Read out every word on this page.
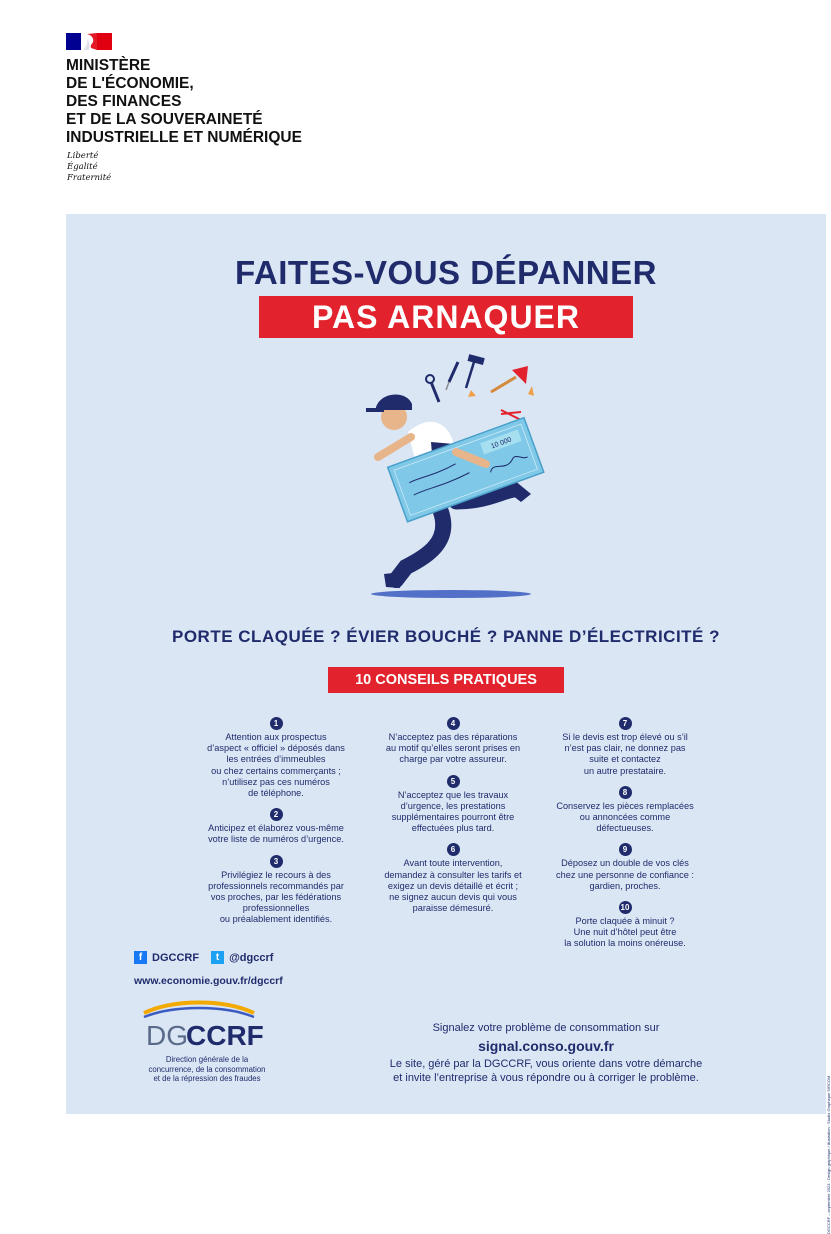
MINISTÈRE
DE L'ÉCONOMIE,
DES FINANCES
ET DE LA SOUVERAINETÉ
INDUSTRIELLE ET NUMÉRIQUE
Liberté
Égalité
Fraternité
FAITES-VOUS DÉPANNER
PAS ARNAQUER
10 000
PORTE CLAQUÉE ? ÉVIER BOUCHÉ ? PANNE D’ÉLECTRICITÉ ?
10 CONSEILS PRATIQUES
1
Attention aux prospectus
d’aspect « officiel » déposés dans
les entrées d’immeubles
ou chez certains commerçants ;
n’utilisez pas ces numéros
de téléphone.
2
Anticipez et élaborez vous-même
votre liste de numéros d’urgence.
3
Privilégiez le recours à des
professionnels recommandés par
vos proches, par les fédérations
professionnelles
ou préalablement identifiés.
4
N’acceptez pas des réparations
au motif qu’elles seront prises en
charge par votre assureur.
5
N’acceptez que les travaux
d’urgence, les prestations
supplémentaires pourront être
effectuées plus tard.
6
Avant toute intervention,
demandez à consulter les tarifs et
exigez un devis détaillé et écrit ;
ne signez aucun devis qui vous
paraisse démesuré.
7
Si le devis est trop élevé ou s’il
n’est pas clair, ne donnez pas
suite et contactez
un autre prestataire.
8
Conservez les pièces remplacées
ou annoncées comme
défectueuses.
9
Déposez un double de vos clés
chez une personne de confiance :
gardien, proches.
10
Porte claquée à minuit ?
Une nuit d’hôtel peut être
la solution la moins onéreuse.
f DGCCRF	t @dgccrf
www.economie.gouv.fr/dgccrf
DG
CCRF
Direction générale de la
concurrence, de la consommation
et de la répression des fraudes
Signalez votre problème de consommation sur
signal.conso.gouv.fr
Le site, géré par la DGCCRF, vous oriente dans votre démarche
et invite l’entreprise à vous répondre ou à corriger le problème.	DGCCRF – septembre 2023 · Design graphique / illustration : Studio Graphique SIRCOM
